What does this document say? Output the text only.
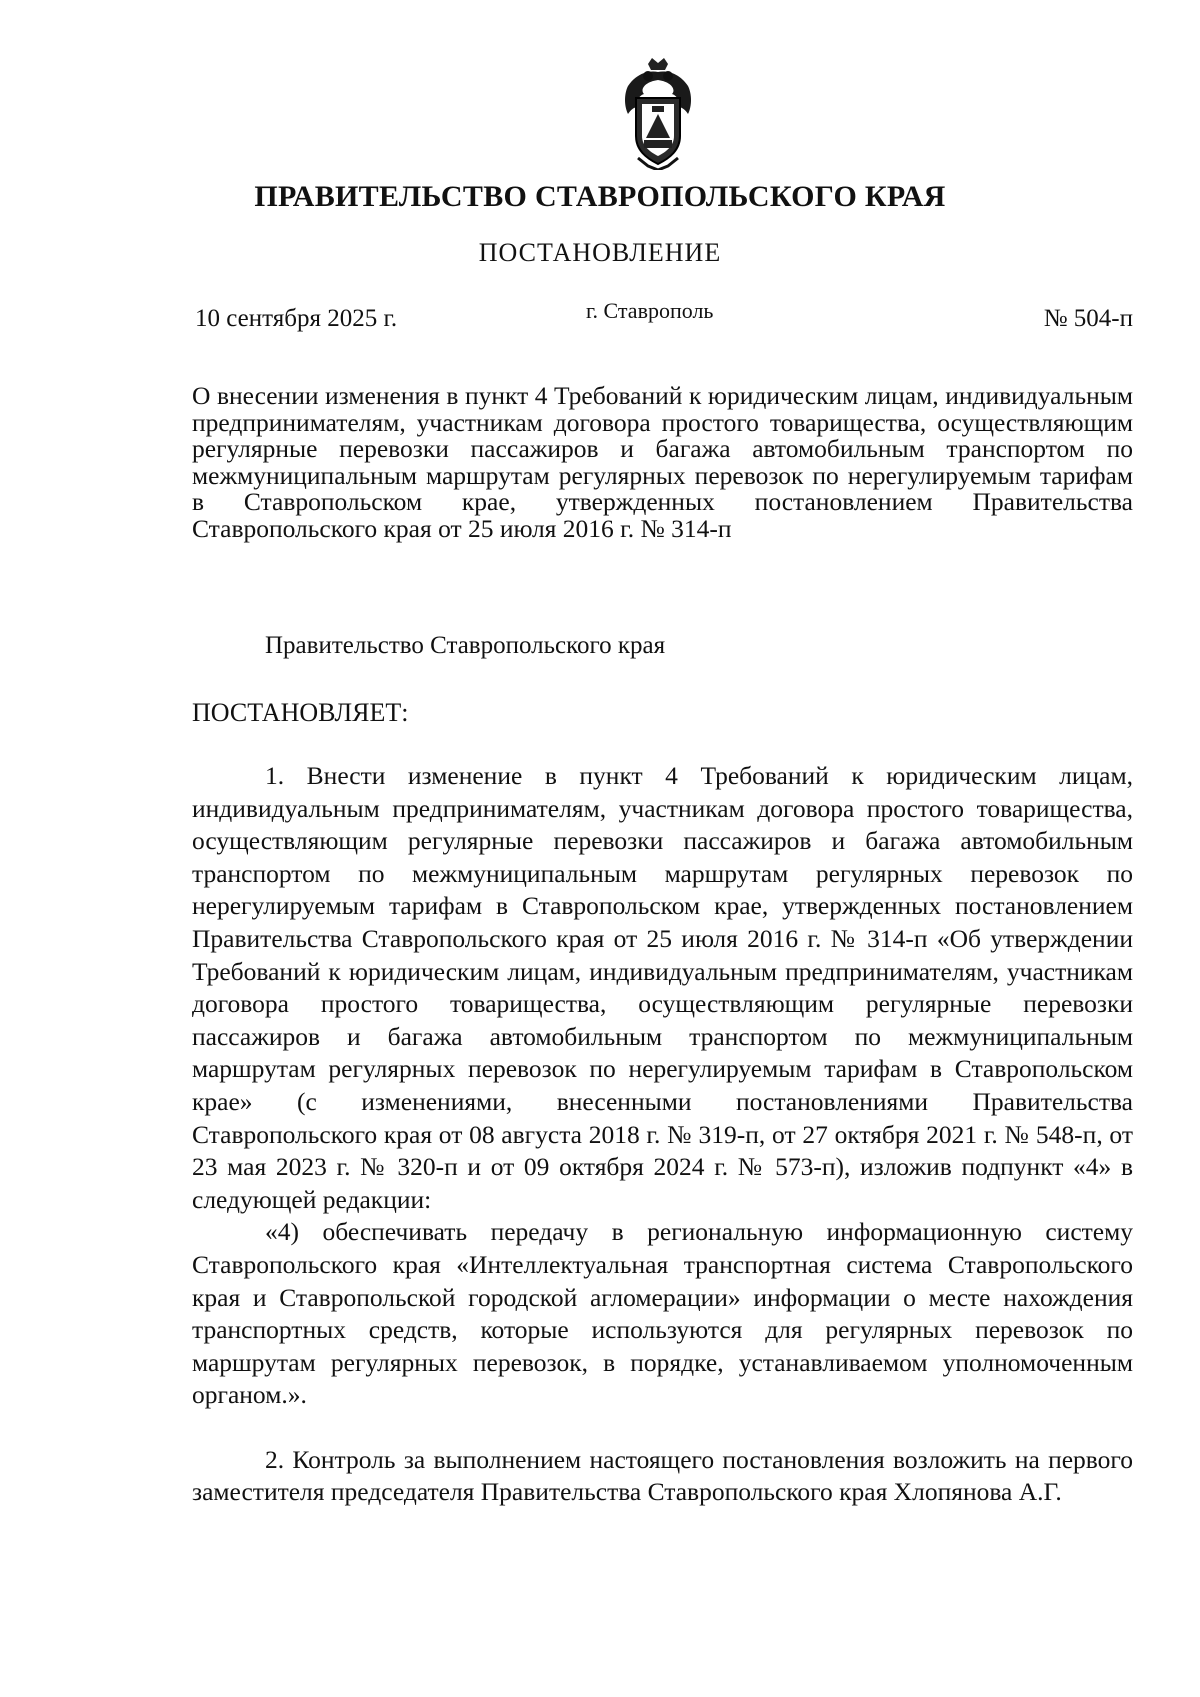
ПРАВИТЕЛЬСТВО СТАВРОПОЛЬСКОГО КРАЯ
ПОСТАНОВЛЕНИЕ
10 сентября 2025 г.	г. Ставрополь	№ 504-п
О внесении изменения в пункт 4 Требований к юридическим лицам, индивидуальным предпринимателям, участникам договора простого товарищества, осуществляющим регулярные перевозки пассажиров и багажа автомобильным транспортом по межмуниципальным маршрутам регулярных перевозок по нерегулируемым тарифам в Ставропольском крае, утвержденных постановлением Правительства Ставропольского края от 25 июля 2016 г. № 314-п
Правительство Ставропольского края
ПОСТАНОВЛЯЕТ:

1. Внести изменение в пункт 4 Требований к юридическим лицам, индивидуальным предпринимателям, участникам договора простого товарищества, осуществляющим регулярные перевозки пассажиров и багажа автомобильным транспортом по межмуниципальным маршрутам регулярных перевозок по нерегулируемым тарифам в Ставропольском крае, утвержденных постановлением Правительства Ставропольского края от 25 июля 2016 г. № 314-п «Об утверждении Требований к юридическим лицам, индивидуальным предпринимателям, участникам договора простого товарищества, осуществляющим регулярные перевозки пассажиров и багажа автомобильным транспортом по межмуниципальным маршрутам регулярных перевозок по нерегулируемым тарифам в Ставропольском крае» (с изменениями, внесенными постановлениями Правительства Ставропольского края от 08 августа 2018 г. № 319-п, от 27 октября 2021 г. № 548-п, от 23 мая 2023 г. № 320-п и от 09 октября 2024 г. № 573-п), изложив подпункт «4» в следующей редакции:

«4) обеспечивать передачу в региональную информационную систему Ставропольского края «Интеллектуальная транспортная система Ставропольского края и Ставропольской городской агломерации» информации о месте нахождения транспортных средств, которые используются для регулярных перевозок по маршрутам регулярных перевозок, в порядке, устанавливаемом уполномоченным органом.».

2. Контроль за выполнением настоящего постановления возложить на первого заместителя председателя Правительства Ставропольского края Хлопянова А.Г.
